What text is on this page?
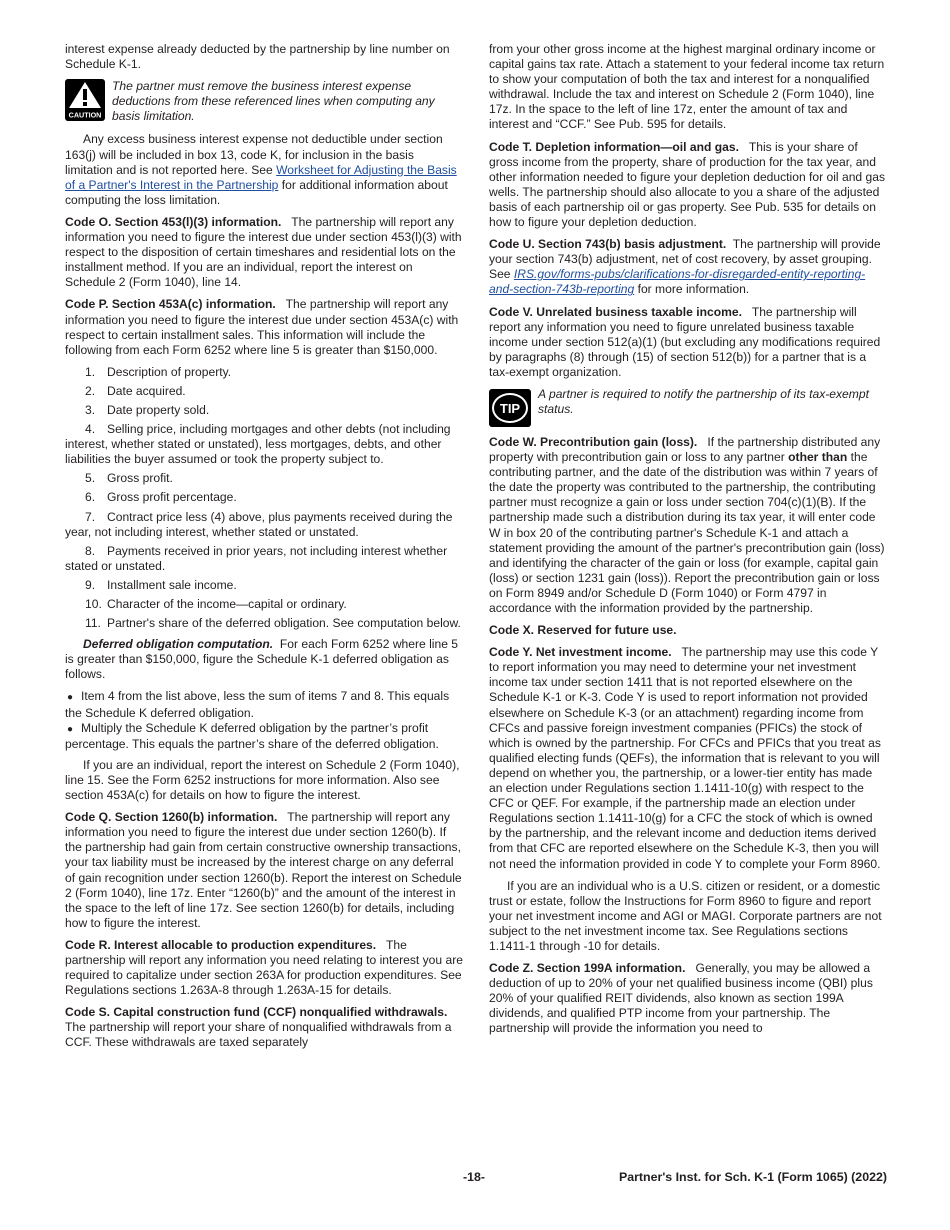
interest expense already deducted by the partnership by line number on Schedule K-1.

CAUTION
The partner must remove the business interest expense deductions from these referenced lines when computing any basis limitation.

Any excess business interest expense not deductible under section 163(j) will be included in box 13, code K, for inclusion in the basis limitation and is not reported here. See Worksheet for Adjusting the Basis of a Partner's Interest in the Partnership for additional information about computing the loss limitation.

Code O. Section 453(l)(3) information. The partnership will report any information you need to figure the interest due under section 453(l)(3) with respect to the disposition of certain timeshares and residential lots on the installment method. If you are an individual, report the interest on Schedule 2 (Form 1040), line 14.

Code P. Section 453A(c) information. The partnership will report any information you need to figure the interest due under section 453A(c) with respect to certain installment sales. This information will include the following from each Form 6252 where line 5 is greater than $150,000.

1. Description of property.
2. Date acquired.
3. Date property sold.
4. Selling price, including mortgages and other debts (not including interest, whether stated or unstated), less mortgages, debts, and other liabilities the buyer assumed or took the property subject to.
5. Gross profit.
6. Gross profit percentage.
7. Contract price less (4) above, plus payments received during the year, not including interest, whether stated or unstated.
8. Payments received in prior years, not including interest whether stated or unstated.
9. Installment sale income.
10. Character of the income—capital or ordinary.
11. Partner's share of the deferred obligation. See computation below.

Deferred obligation computation. For each Form 6252 where line 5 is greater than $150,000, figure the Schedule K-1 deferred obligation as follows.

● Item 4 from the list above, less the sum of items 7 and 8. This equals the Schedule K deferred obligation.
● Multiply the Schedule K deferred obligation by the partner’s profit percentage. This equals the partner’s share of the deferred obligation.

If you are an individual, report the interest on Schedule 2 (Form 1040), line 15. See the Form 6252 instructions for more information. Also see section 453A(c) for details on how to figure the interest.

Code Q. Section 1260(b) information. The partnership will report any information you need to figure the interest due under section 1260(b). If the partnership had gain from certain constructive ownership transactions, your tax liability must be increased by the interest charge on any deferral of gain recognition under section 1260(b). Report the interest on Schedule 2 (Form 1040), line 17z. Enter “1260(b)” and the amount of the interest in the space to the left of line 17z. See section 1260(b) for details, including how to figure the interest.

Code R. Interest allocable to production expenditures. The partnership will report any information you need relating to interest you are required to capitalize under section 263A for production expenditures. See Regulations sections 1.263A-8 through 1.263A-15 for details.

Code S. Capital construction fund (CCF) nonqualified withdrawals.   The partnership will report your share of nonqualified withdrawals from a CCF. These withdrawals are taxed separately

from your other gross income at the highest marginal ordinary income or capital gains tax rate. Attach a statement to your federal income tax return to show your computation of both the tax and interest for a nonqualified withdrawal. Include the tax and interest on Schedule 2 (Form 1040), line 17z. In the space to the left of line 17z, enter the amount of tax and interest and “CCF.” See Pub. 595 for details.

Code T. Depletion information—oil and gas. This is your share of gross income from the property, share of production for the tax year, and other information needed to figure your depletion deduction for oil and gas wells. The partnership should also allocate to you a share of the adjusted basis of each partnership oil or gas property. See Pub. 535 for details on how to figure your depletion deduction.

Code U. Section 743(b) basis adjustment. The partnership will provide your section 743(b) adjustment, net of cost recovery, by asset grouping. See IRS.gov/forms-pubs/clarifications-for-disregarded-entity-reporting-and-section-743b-reporting for more information.

Code V. Unrelated business taxable income. The partnership will report any information you need to figure unrelated business taxable income under section 512(a)(1) (but excluding any modifications required by paragraphs (8) through (15) of section 512(b)) for a partner that is a tax-exempt organization.

TIP
A partner is required to notify the partnership of its tax-exempt status.

Code W. Precontribution gain (loss). If the partnership distributed any property with precontribution gain or loss to any partner other than the contributing partner, and the date of the distribution was within 7 years of the date the property was contributed to the partnership, the contributing partner must recognize a gain or loss under section 704(c)(1)(B). If the partnership made such a distribution during its tax year, it will enter code W in box 20 of the contributing partner's Schedule K-1 and attach a statement providing the amount of the partner's precontribution gain (loss) and identifying the character of the gain or loss (for example, capital gain (loss) or section 1231 gain (loss)). Report the precontribution gain or loss on Form 8949 and/or Schedule D (Form 1040) or Form 4797 in accordance with the information provided by the partnership.

Code X. Reserved for future use.

Code Y. Net investment income. The partnership may use this code Y to report information you may need to determine your net investment income tax under section 1411 that is not reported elsewhere on the Schedule K-1 or K-3. Code Y is used to report information not provided elsewhere on Schedule K-3 (or an attachment) regarding income from CFCs and passive foreign investment companies (PFICs) the stock of which is owned by the partnership. For CFCs and PFICs that you treat as qualified electing funds (QEFs), the information that is relevant to you will depend on whether you, the partnership, or a lower-tier entity has made an election under Regulations section 1.1411-10(g) with respect to the CFC or QEF. For example, if the partnership made an election under Regulations section 1.1411-10(g) for a CFC the stock of which is owned by the partnership, and the relevant income and deduction items derived from that CFC are reported elsewhere on the Schedule K-3, then you will not need the information provided in code Y to complete your Form 8960.

If you are an individual who is a U.S. citizen or resident, or a domestic trust or estate, follow the Instructions for Form 8960 to figure and report your net investment income and AGI or MAGI. Corporate partners are not subject to the net investment income tax. See Regulations sections 1.1411-1 through -10 for details.

Code Z. Section 199A information. Generally, you may be allowed a deduction of up to 20% of your net qualified business income (QBI) plus 20% of your qualified REIT dividends, also known as section 199A dividends, and qualified PTP income from your partnership. The partnership will provide the information you need to

-18-	Partner's Inst. for Sch. K-1 (Form 1065) (2022)
